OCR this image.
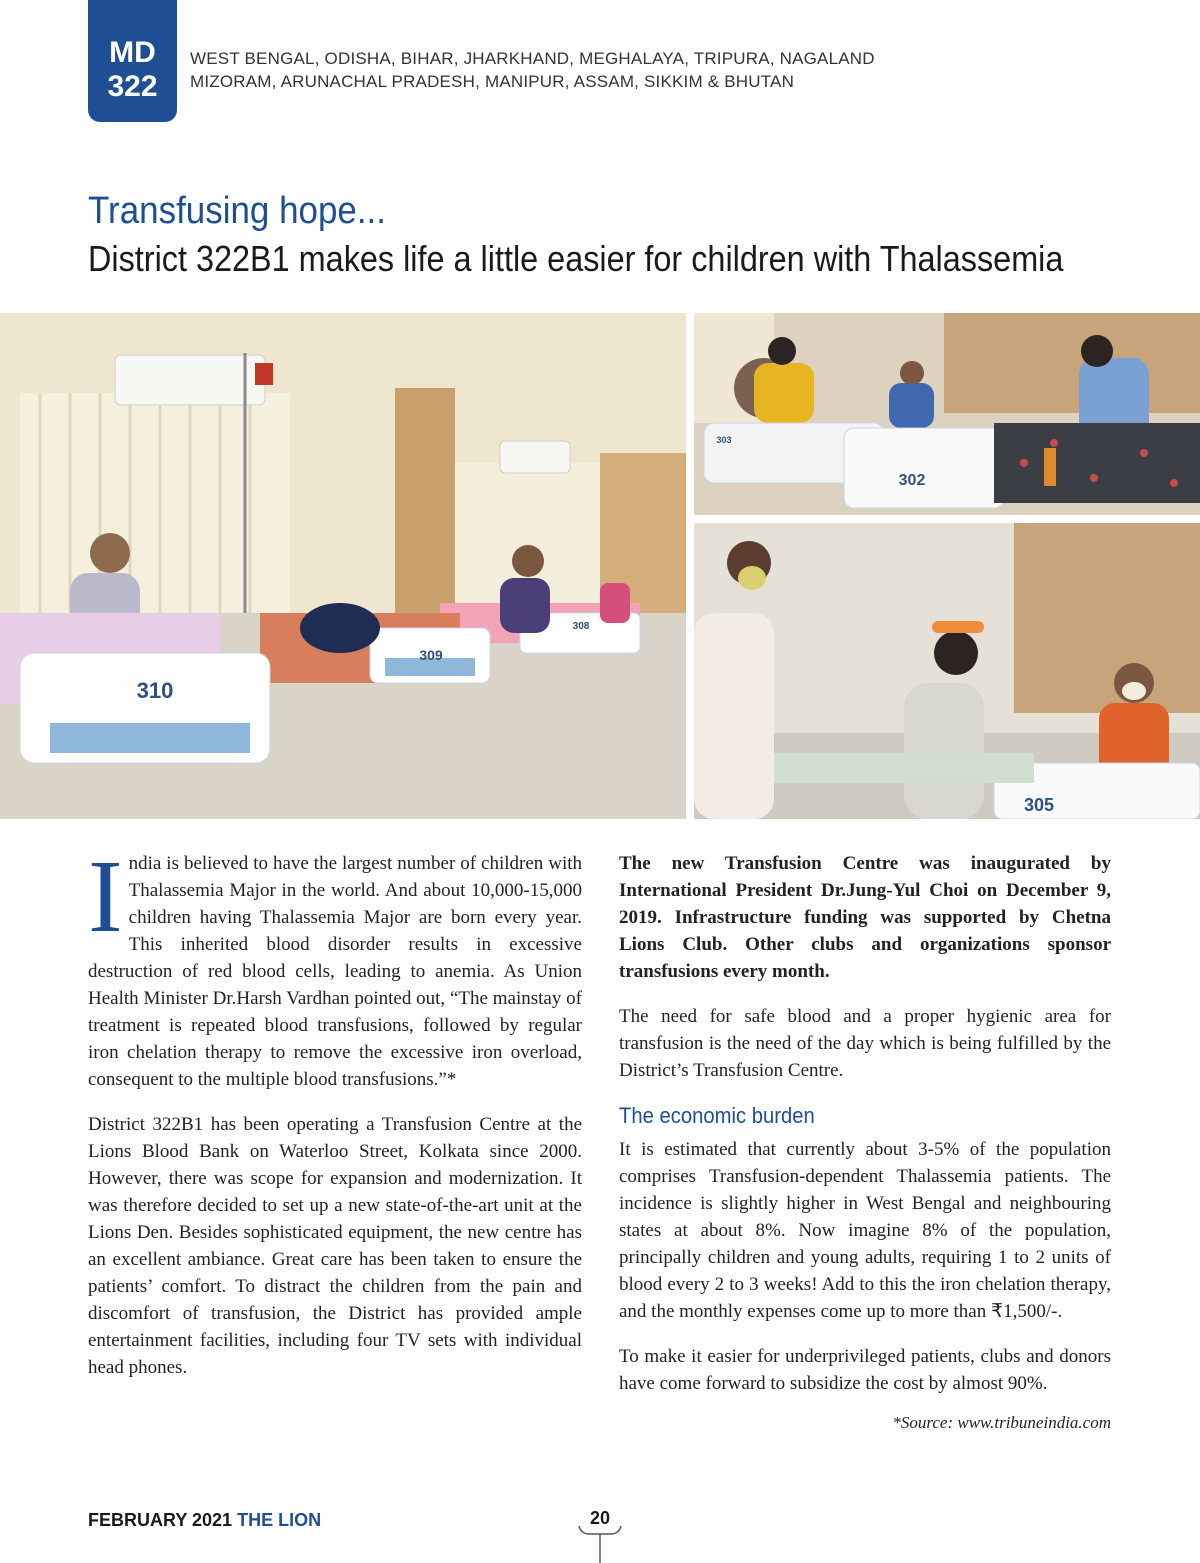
MD
322
WEST BENGAL, ODISHA, BIHAR, JHARKHAND, MEGHALAYA, TRIPURA, NAGALAND
MIZORAM, ARUNACHAL PRADESH, MANIPUR, ASSAM, SIKKIM & BHUTAN
Transfusing hope...
District 322B1 makes life a little easier for children with Thalassemia
310
309
308
302
303
305

India is believed to have the largest number of children with Thalassemia Major in the world. And about 10,000-15,000 children having Thalassemia Major are born every year. This inherited blood disorder results in excessive destruction of red blood cells, leading to anemia. As Union Health Minister Dr.Harsh Vardhan pointed out, “The mainstay of treatment is repeated blood transfusions, followed by regular iron chelation therapy to remove the excessive iron overload, consequent to the multiple blood transfusions.”*

District 322B1 has been operating a Transfusion Centre at the Lions Blood Bank on Waterloo Street, Kolkata since 2000. However, there was scope for expansion and modernization. It was therefore decided to set up a new state-of-the-art unit at the Lions Den. Besides sophisticated equipment, the new centre has an excellent ambiance. Great care has been taken to ensure the patients’ comfort. To distract the children from the pain and discomfort of transfusion, the District has provided ample entertainment facilities, including four TV sets with individual head phones.

The new Transfusion Centre was inaugurated by International President Dr.Jung-Yul Choi on December 9, 2019. Infrastructure funding was supported by Chetna Lions Club. Other clubs and organizations sponsor transfusions every month.

The need for safe blood and a proper hygienic area for transfusion is the need of the day which is being fulfilled by the District’s Transfusion Centre.

The economic burden

It is estimated that currently about 3-5% of the population comprises Transfusion-dependent Thalassemia patients. The incidence is slightly higher in West Bengal and neighbouring states at about 8%. Now imagine 8% of the population, principally children and young adults, requiring 1 to 2 units of blood every 2 to 3 weeks! Add to this the iron chelation therapy, and the monthly expenses come up to more than ₹1,500/-.

To make it easier for underprivileged patients, clubs and donors have come forward to subsidize the cost by almost 90%.

*Source: www.tribuneindia.com
FEBRUARY 2021 THE LION	20
